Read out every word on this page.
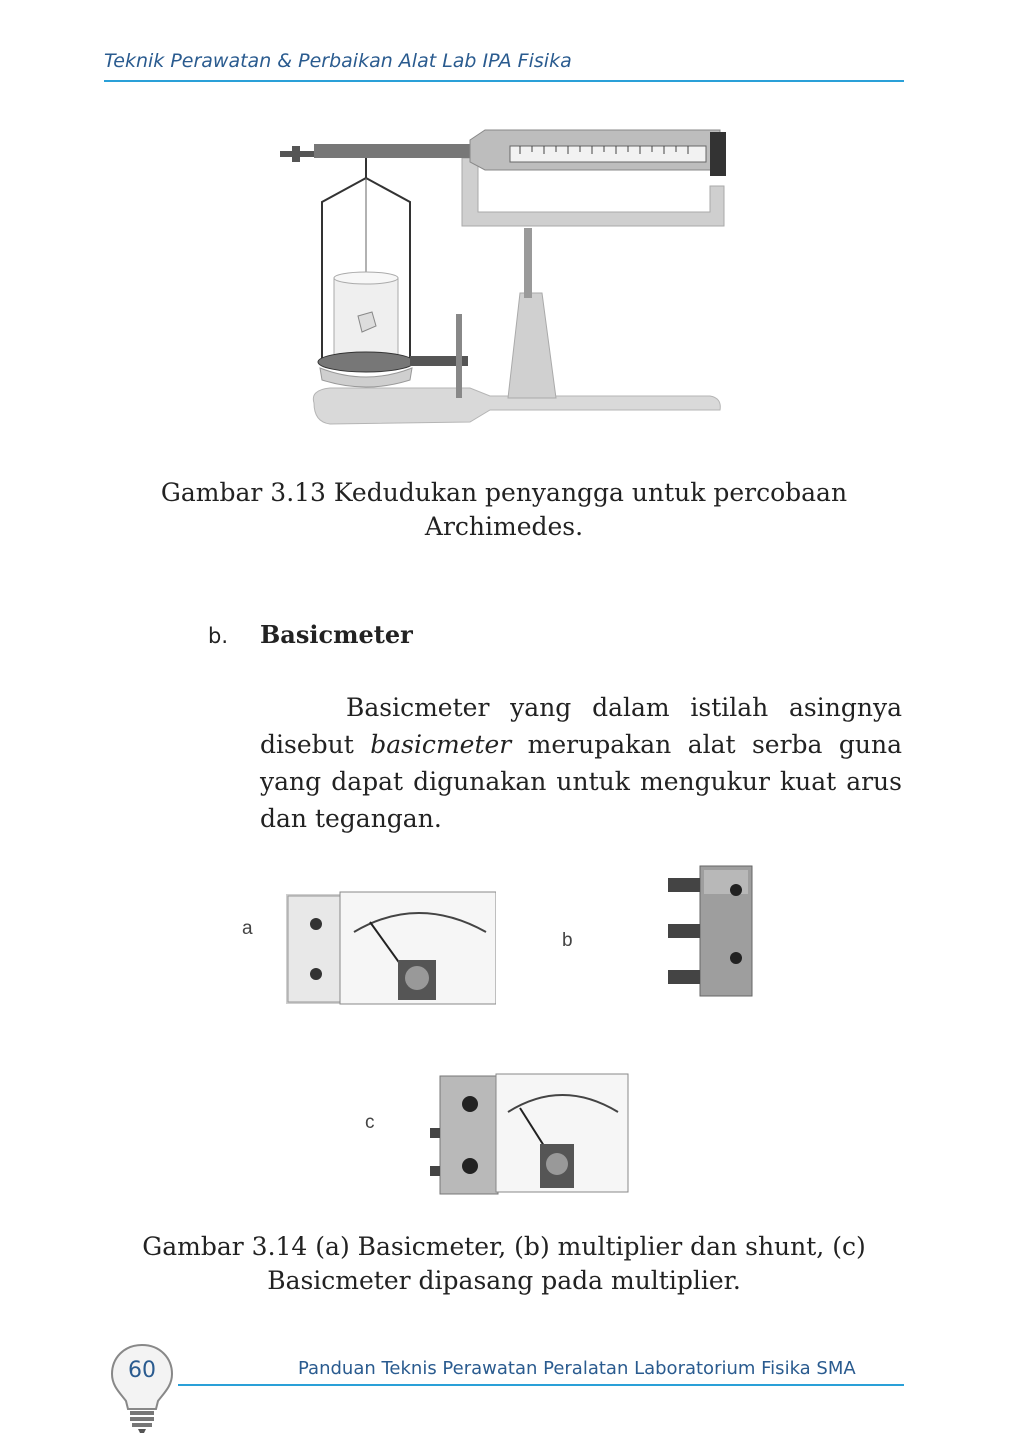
Teknik Perawatan & Perbaikan Alat Lab IPA Fisika
Gambar 3.13 Kedudukan penyangga untuk percobaan
Archimedes.
b. Basicmeter
Basicmeter yang dalam istilah asingnya disebut basicmeter merupakan alat serba guna yang dapat digunakan untuk mengukur kuat arus dan tegangan.
a
b
c
Gambar 3.14 (a) Basicmeter, (b) multiplier dan shunt, (c)
Basicmeter dipasang pada multiplier.
60	Panduan Teknis Perawatan Peralatan Laboratorium Fisika SMA
